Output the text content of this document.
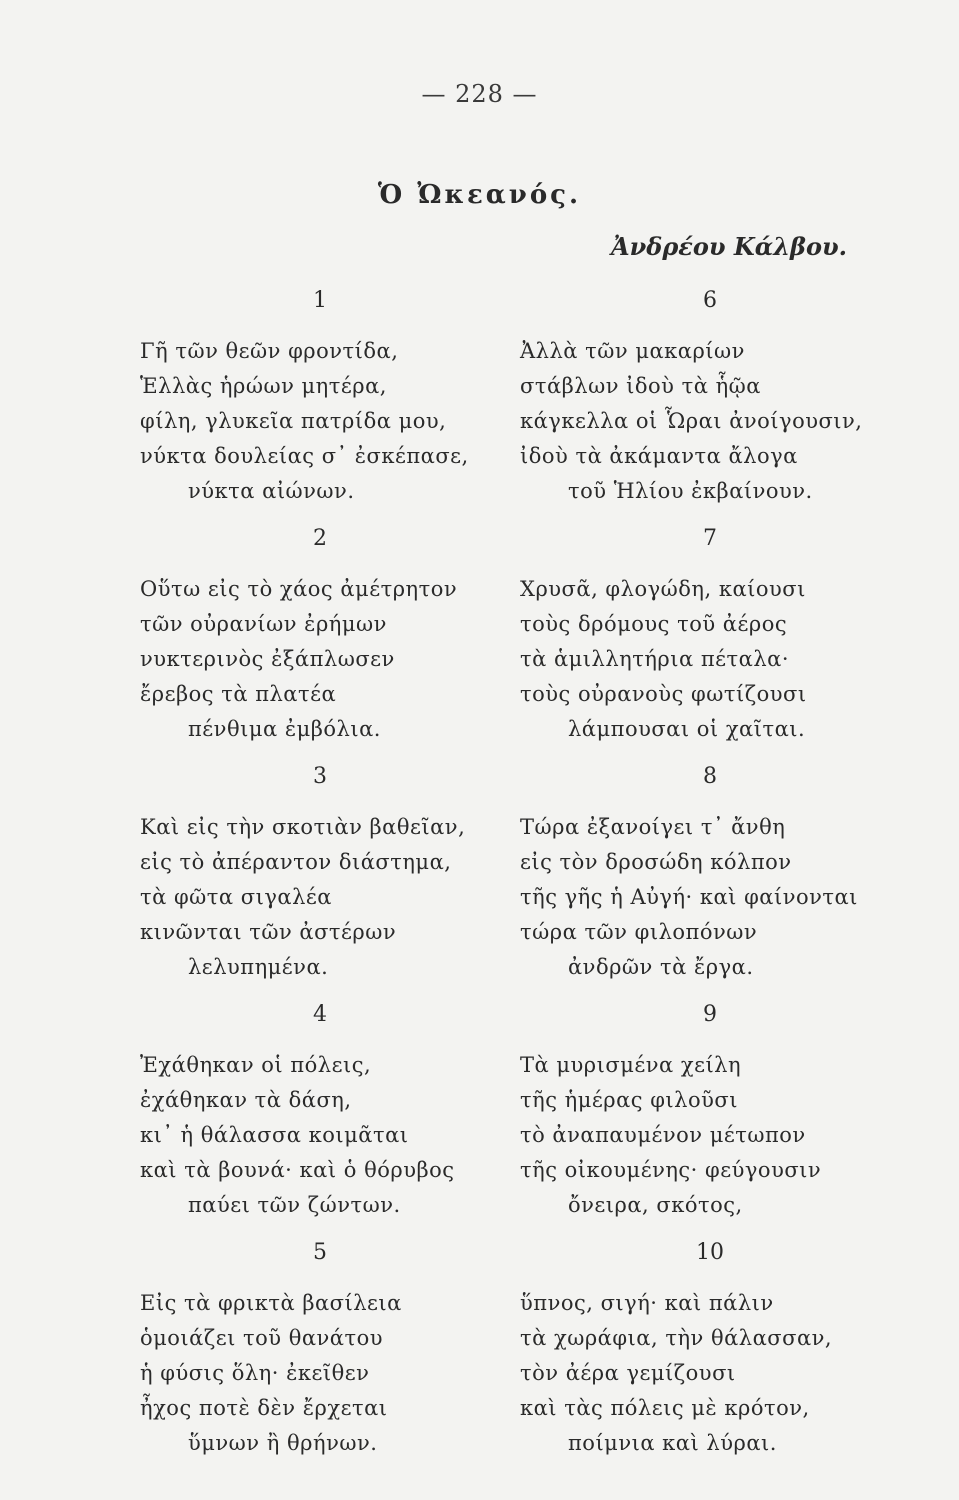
— 228 —
Ὁ Ὠκεανός.
Ἀνδρέου Κάλβου.
1
Γῆ τῶν θεῶν φροντίδα,
Ἑλλὰς ἡρώων μητέρα,
φίλη, γλυκεῖα πατρίδα μου,
νύκτα δουλείας σ᾽ ἐσκέπασε,
νύκτα αἰώνων.
2
Οὕτω εἰς τὸ χάος ἀμέτρητον
τῶν οὐρανίων ἐρήμων
νυκτερινὸς ἐξάπλωσεν
ἔρεβος τὰ πλατέα
πένθιμα ἐμβόλια.
3
Καὶ εἰς τὴν σκοτιὰν βαθεῖαν,
εἰς τὸ ἀπέραντον διάστημα,
τὰ φῶτα σιγαλέα
κινῶνται τῶν ἀστέρων
λελυπημένα.
4
Ἐχάθηκαν οἱ πόλεις,
ἐχάθηκαν τὰ δάση,
κι᾽ ἡ θάλασσα κοιμᾶται
καὶ τὰ βουνά· καὶ ὁ θόρυβος
παύει τῶν ζώντων.
5
Εἰς τὰ φρικτὰ βασίλεια
ὁμοιάζει τοῦ θανάτου
ἡ φύσις ὅλη· ἐκεῖθεν
ἦχος ποτὲ δὲν ἔρχεται
ὕμνων ἢ θρήνων.
6
Ἀλλὰ τῶν μακαρίων
στάβλων ἰδοὺ τὰ ἧῷα
κάγκελλα οἱ Ὧραι ἀνοίγουσιν,
ἰδοὺ τὰ ἀκάμαντα ἄλογα
τοῦ Ἡλίου ἐκβαίνουν.
7
Χρυσᾶ, φλογώδη, καίουσι
τοὺς δρόμους τοῦ ἀέρος
τὰ ἁμιλλητήρια πέταλα·
τοὺς οὐρανοὺς φωτίζουσι
λάμπουσαι οἱ χαῖται.
8
Τώρα ἐξανοίγει τ᾽ ἄνθη
εἰς τὸν δροσώδη κόλπον
τῆς γῆς ἡ Αὐγή· καὶ φαίνονται
τώρα τῶν φιλοπόνων
ἀνδρῶν τὰ ἔργα.
9
Τὰ μυρισμένα χείλη
τῆς ἡμέρας φιλοῦσι
τὸ ἀναπαυμένον μέτωπον
τῆς οἰκουμένης· φεύγουσιν
ὄνειρα, σκότος,
10
ὕπνος, σιγή· καὶ πάλιν
τὰ χωράφια, τὴν θάλασσαν,
τὸν ἀέρα γεμίζουσι
καὶ τὰς πόλεις μὲ κρότον,
ποίμνια καὶ λύραι.
